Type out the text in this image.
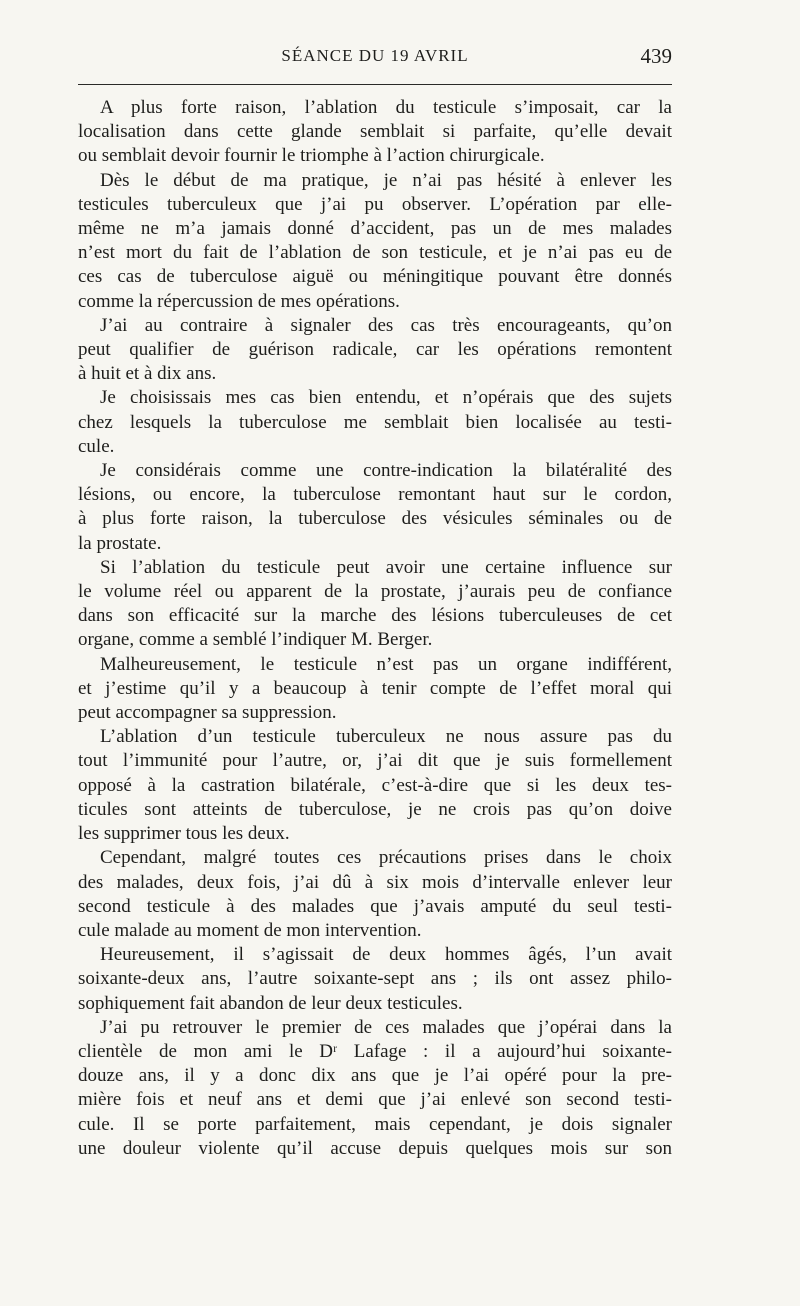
SÉANCE DU 19 AVRIL	439

A plus forte raison, l’ablation du testicule s’imposait, car la
localisation dans cette glande semblait si parfaite, qu’elle devait
ou semblait devoir fournir le triomphe à l’action chirurgicale.

Dès le début de ma pratique, je n’ai pas hésité à enlever les
testicules tuberculeux que j’ai pu observer. L’opération par elle-
même ne m’a jamais donné d’accident, pas un de mes malades
n’est mort du fait de l’ablation de son testicule, et je n’ai pas eu de
ces cas de tuberculose aiguë ou méningitique pouvant être donnés
comme la répercussion de mes opérations.

J’ai au contraire à signaler des cas très encourageants, qu’on
peut qualifier de guérison radicale, car les opérations remontent
à huit et à dix ans.

Je choisissais mes cas bien entendu, et n’opérais que des sujets
chez lesquels la tuberculose me semblait bien localisée au testi-
cule.

Je considérais comme une contre-indication la bilatéralité des
lésions, ou encore, la tuberculose remontant haut sur le cordon,
à plus forte raison, la tuberculose des vésicules séminales ou de
la prostate.

Si l’ablation du testicule peut avoir une certaine influence sur
le volume réel ou apparent de la prostate, j’aurais peu de confiance
dans son efficacité sur la marche des lésions tuberculeuses de cet
organe, comme a semblé l’indiquer M. Berger.

Malheureusement, le testicule n’est pas un organe indifférent,
et j’estime qu’il y a beaucoup à tenir compte de l’effet moral qui
peut accompagner sa suppression.

L’ablation d’un testicule tuberculeux ne nous assure pas du
tout l’immunité pour l’autre, or, j’ai dit que je suis formellement
opposé à la castration bilatérale, c’est-à-dire que si les deux tes-
ticules sont atteints de tuberculose, je ne crois pas qu’on doive
les supprimer tous les deux.

Cependant, malgré toutes ces précautions prises dans le choix
des malades, deux fois, j’ai dû à six mois d’intervalle enlever leur
second testicule à des malades que j’avais amputé du seul testi-
cule malade au moment de mon intervention.

Heureusement, il s’agissait de deux hommes âgés, l’un avait
soixante-deux ans, l’autre soixante-sept ans ; ils ont assez philo-
sophiquement fait abandon de leur deux testicules.

J’ai pu retrouver le premier de ces malades que j’opérai dans la
clientèle de mon ami le Dʳ Lafage : il a aujourd’hui soixante-
douze ans, il y a donc dix ans que je l’ai opéré pour la pre-
mière fois et neuf ans et demi que j’ai enlevé son second testi-
cule. Il se porte parfaitement, mais cependant, je dois signaler
une douleur violente qu’il accuse depuis quelques mois sur son
